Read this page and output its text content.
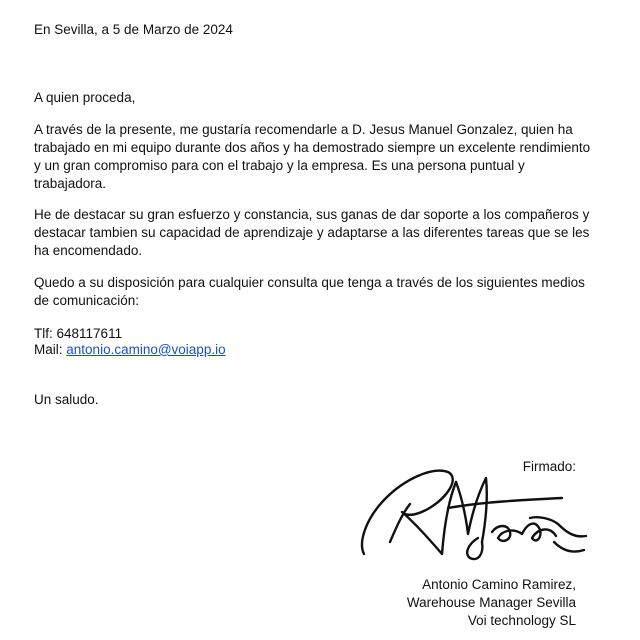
En Sevilla, a 5 de Marzo de 2024
A quien proceda,

A través de la presente, me gustaría recomendarle a D. Jesus Manuel Gonzalez, quien ha trabajado en mi equipo durante dos años y ha demostrado siempre un excelente rendimiento y un gran compromiso para con el trabajo y la empresa. Es una persona puntual y trabajadora.

He de destacar su gran esfuerzo y constancia, sus ganas de dar soporte a los compañeros y destacar tambien su capacidad de aprendizaje y adaptarse a las diferentes tareas que se les ha encomendado.

Quedo a su disposición para cualquier consulta que tenga a través de los siguientes medios de comunicación:

Tlf: 648117611
Mail: antonio.camino@voiapp.io
Un saludo.
Firmado:
Antonio Camino Ramirez,
Warehouse Manager Sevilla
Voi technology SL
